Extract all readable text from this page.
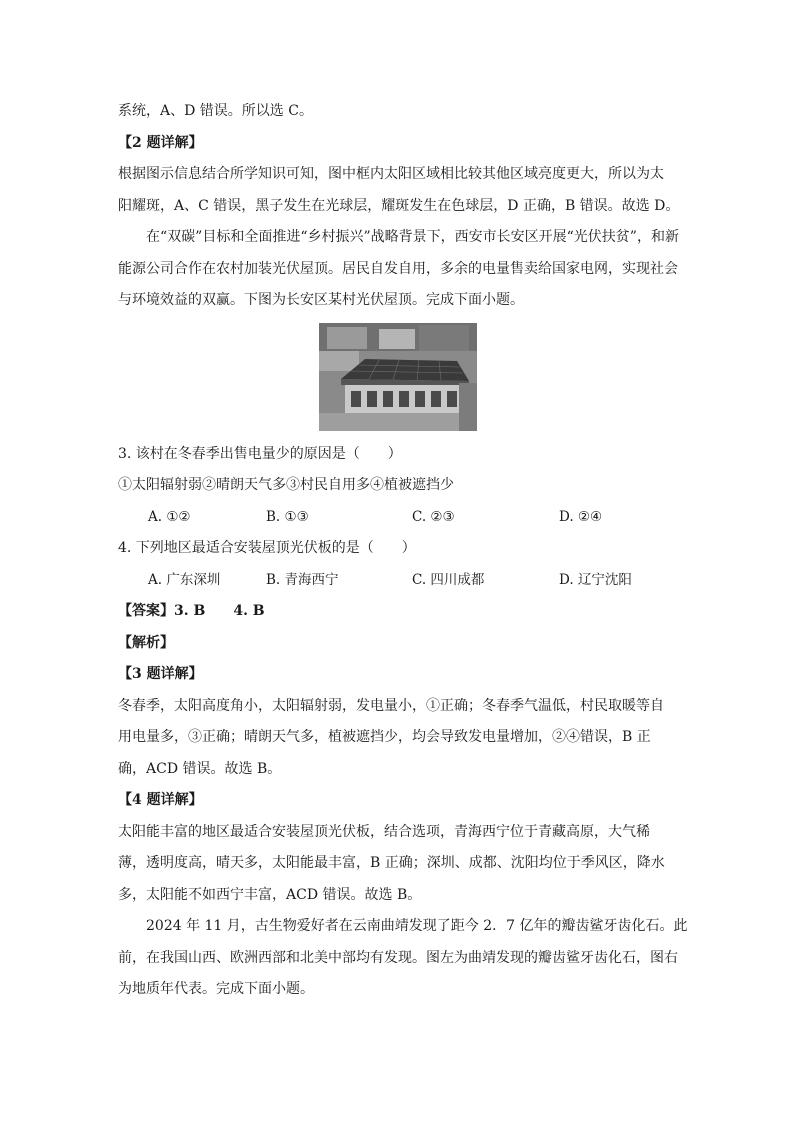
系统，A、D 错误。所以选 C。
【2 题详解】
根据图示信息结合所学知识可知，图中框内太阳区域相比较其他区域亮度更大，所以为太
阳耀斑，A、C 错误，黑子发生在光球层，耀斑发生在色球层，D 正确，B 错误。故选 D。
在“双碳”目标和全面推进“乡村振兴”战略背景下，西安市长安区开展“光伏扶贫”，和新
能源公司合作在农村加装光伏屋顶。居民自发自用，多余的电量售卖给国家电网，实现社会
与环境效益的双赢。下图为长安区某村光伏屋顶。完成下面小题。
3. 该村在冬春季出售电量少的原因是（　　）
①太阳辐射弱②晴朗天气多③村民自用多④植被遮挡少
A. ①②	B. ①③	C. ②③	D. ②④
4. 下列地区最适合安装屋顶光伏板的是（　　）
A. 广东深圳	B. 青海西宁	C. 四川成都	D. 辽宁沈阳
【答案】3. B　　4. B
【解析】
【3 题详解】
冬春季，太阳高度角小，太阳辐射弱，发电量小，①正确；冬春季气温低，村民取暖等自
用电量多，③正确；晴朗天气多，植被遮挡少，均会导致发电量增加，②④错误，B 正
确，ACD 错误。故选 B。
【4 题详解】
太阳能丰富的地区最适合安装屋顶光伏板，结合选项，青海西宁位于青藏高原，大气稀
薄，透明度高，晴天多，太阳能最丰富，B 正确；深圳、成都、沈阳均位于季风区，降水
多，太阳能不如西宁丰富，ACD 错误。故选 B。
2024 年 11 月，古生物爱好者在云南曲靖发现了距今 2．7 亿年的瓣齿鲨牙齿化石。此
前，在我国山西、欧洲西部和北美中部均有发现。图左为曲靖发现的瓣齿鲨牙齿化石，图右
为地质年代表。完成下面小题。
